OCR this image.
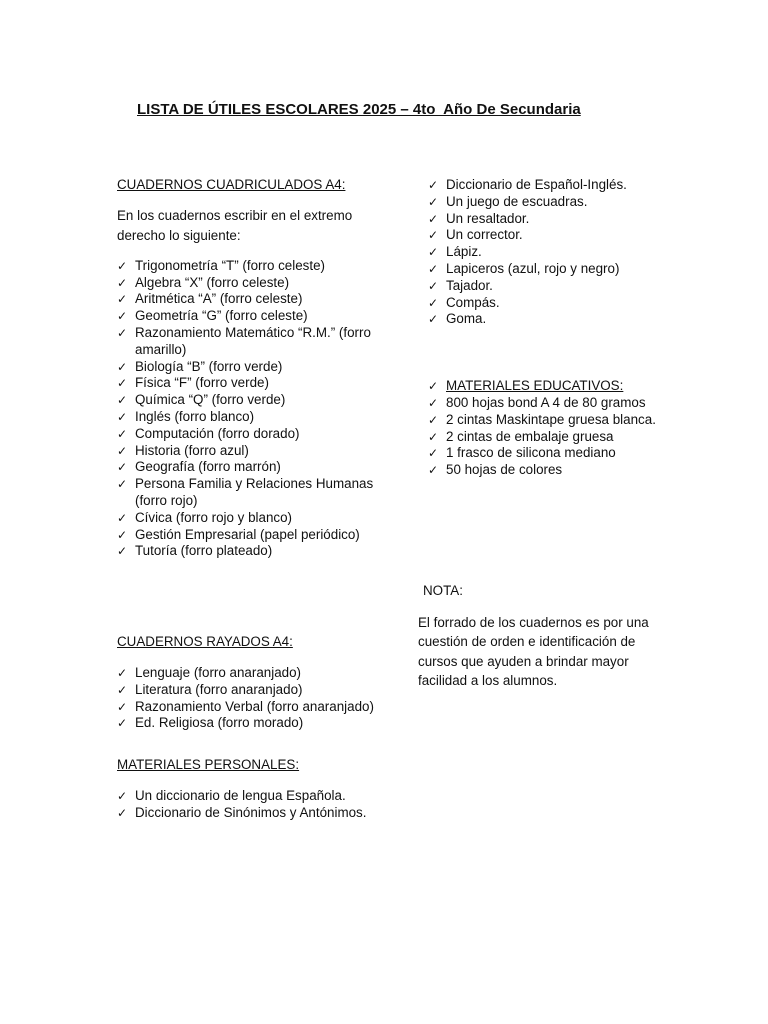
LISTA DE ÚTILES ESCOLARES 2025 – 4to  Año De Secundaria

CUADERNOS CUADRICULADOS A4:

En los cuadernos escribir en el extremo derecho lo siguiente:

✓ Trigonometría “T” (forro celeste)
✓ Algebra “X” (forro celeste)
✓ Aritmética “A” (forro celeste)
✓ Geometría “G” (forro celeste)
✓ Razonamiento Matemático “R.M.” (forro amarillo)
✓ Biología “B” (forro verde)
✓ Física “F” (forro verde)
✓ Química “Q” (forro verde)
✓ Inglés (forro blanco)
✓ Computación (forro dorado)
✓ Historia (forro azul)
✓ Geografía (forro marrón)
✓ Persona Familia y Relaciones Humanas (forro rojo)
✓ Cívica (forro rojo y blanco)
✓ Gestión Empresarial (papel periódico)
✓ Tutoría (forro plateado)

CUADERNOS RAYADOS A4:

✓ Lenguaje (forro anaranjado)
✓ Literatura (forro anaranjado)
✓ Razonamiento Verbal (forro anaranjado)
✓ Ed. Religiosa (forro morado)

MATERIALES PERSONALES:

✓ Un diccionario de lengua Española.
✓ Diccionario de Sinónimos y Antónimos.
✓ Diccionario de Español-Inglés.
✓ Un juego de escuadras.
✓ Un resaltador.
✓ Un corrector.
✓ Lápiz.
✓ Lapiceros (azul, rojo y negro)
✓ Tajador.
✓ Compás.
✓ Goma.
✓ MATERIALES EDUCATIVOS:
✓ 800 hojas bond A 4 de 80 gramos
✓ 2 cintas Maskintape gruesa blanca.
✓ 2 cintas de embalaje gruesa
✓ 1 frasco de silicona mediano
✓ 50 hojas de colores

NOTA:

El forrado de los cuadernos es por una cuestión de orden e identificación de cursos que ayuden a brindar mayor facilidad a los alumnos.
